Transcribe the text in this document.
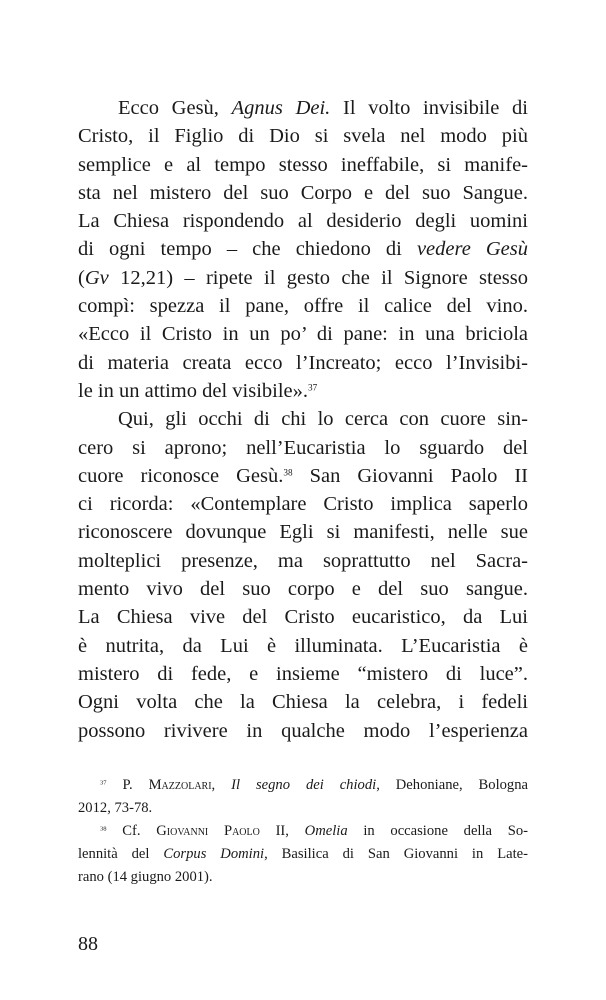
Ecco Gesù, Agnus Dei. Il volto invisibile di
Cristo, il Figlio di Dio si svela nel modo più
semplice e al tempo stesso ineffabile, si manife-
sta nel mistero del suo Corpo e del suo Sangue.
La Chiesa rispondendo al desiderio degli uomini
di ogni tempo – che chiedono di vedere Gesù
(Gv 12,21) – ripete il gesto che il Signore stesso
compì: spezza il pane, offre il calice del vino.
«Ecco il Cristo in un po’ di pane: in una briciola
di materia creata ecco l’Increato; ecco l’Invisibi-
le in un attimo del visibile».$^{37}$
Qui, gli occhi di chi lo cerca con cuore sin-
cero si aprono; nell’Eucaristia lo sguardo del
cuore riconosce Gesù.$^{38}$ San Giovanni Paolo II
ci ricorda: «Contemplare Cristo implica saperlo
riconoscere dovunque Egli si manifesti, nelle sue
molteplici presenze, ma soprattutto nel Sacra-
mento vivo del suo corpo e del suo sangue.
La Chiesa vive del Cristo eucaristico, da Lui
è nutrita, da Lui è illuminata. L’Eucaristia è
mistero di fede, e insieme “mistero di luce”.
Ogni volta che la Chiesa la celebra, i fedeli
possono rivivere in qualche modo l’esperienza
$^{37}$ P. Mazzolari, Il segno dei chiodi, Dehoniane, Bologna
2012, 73-78.
$^{38}$ Cf. Giovanni Paolo II, Omelia in occasione della So-
lennità del Corpus Domini, Basilica di San Giovanni in Late-
rano (14 giugno 2001).
88
